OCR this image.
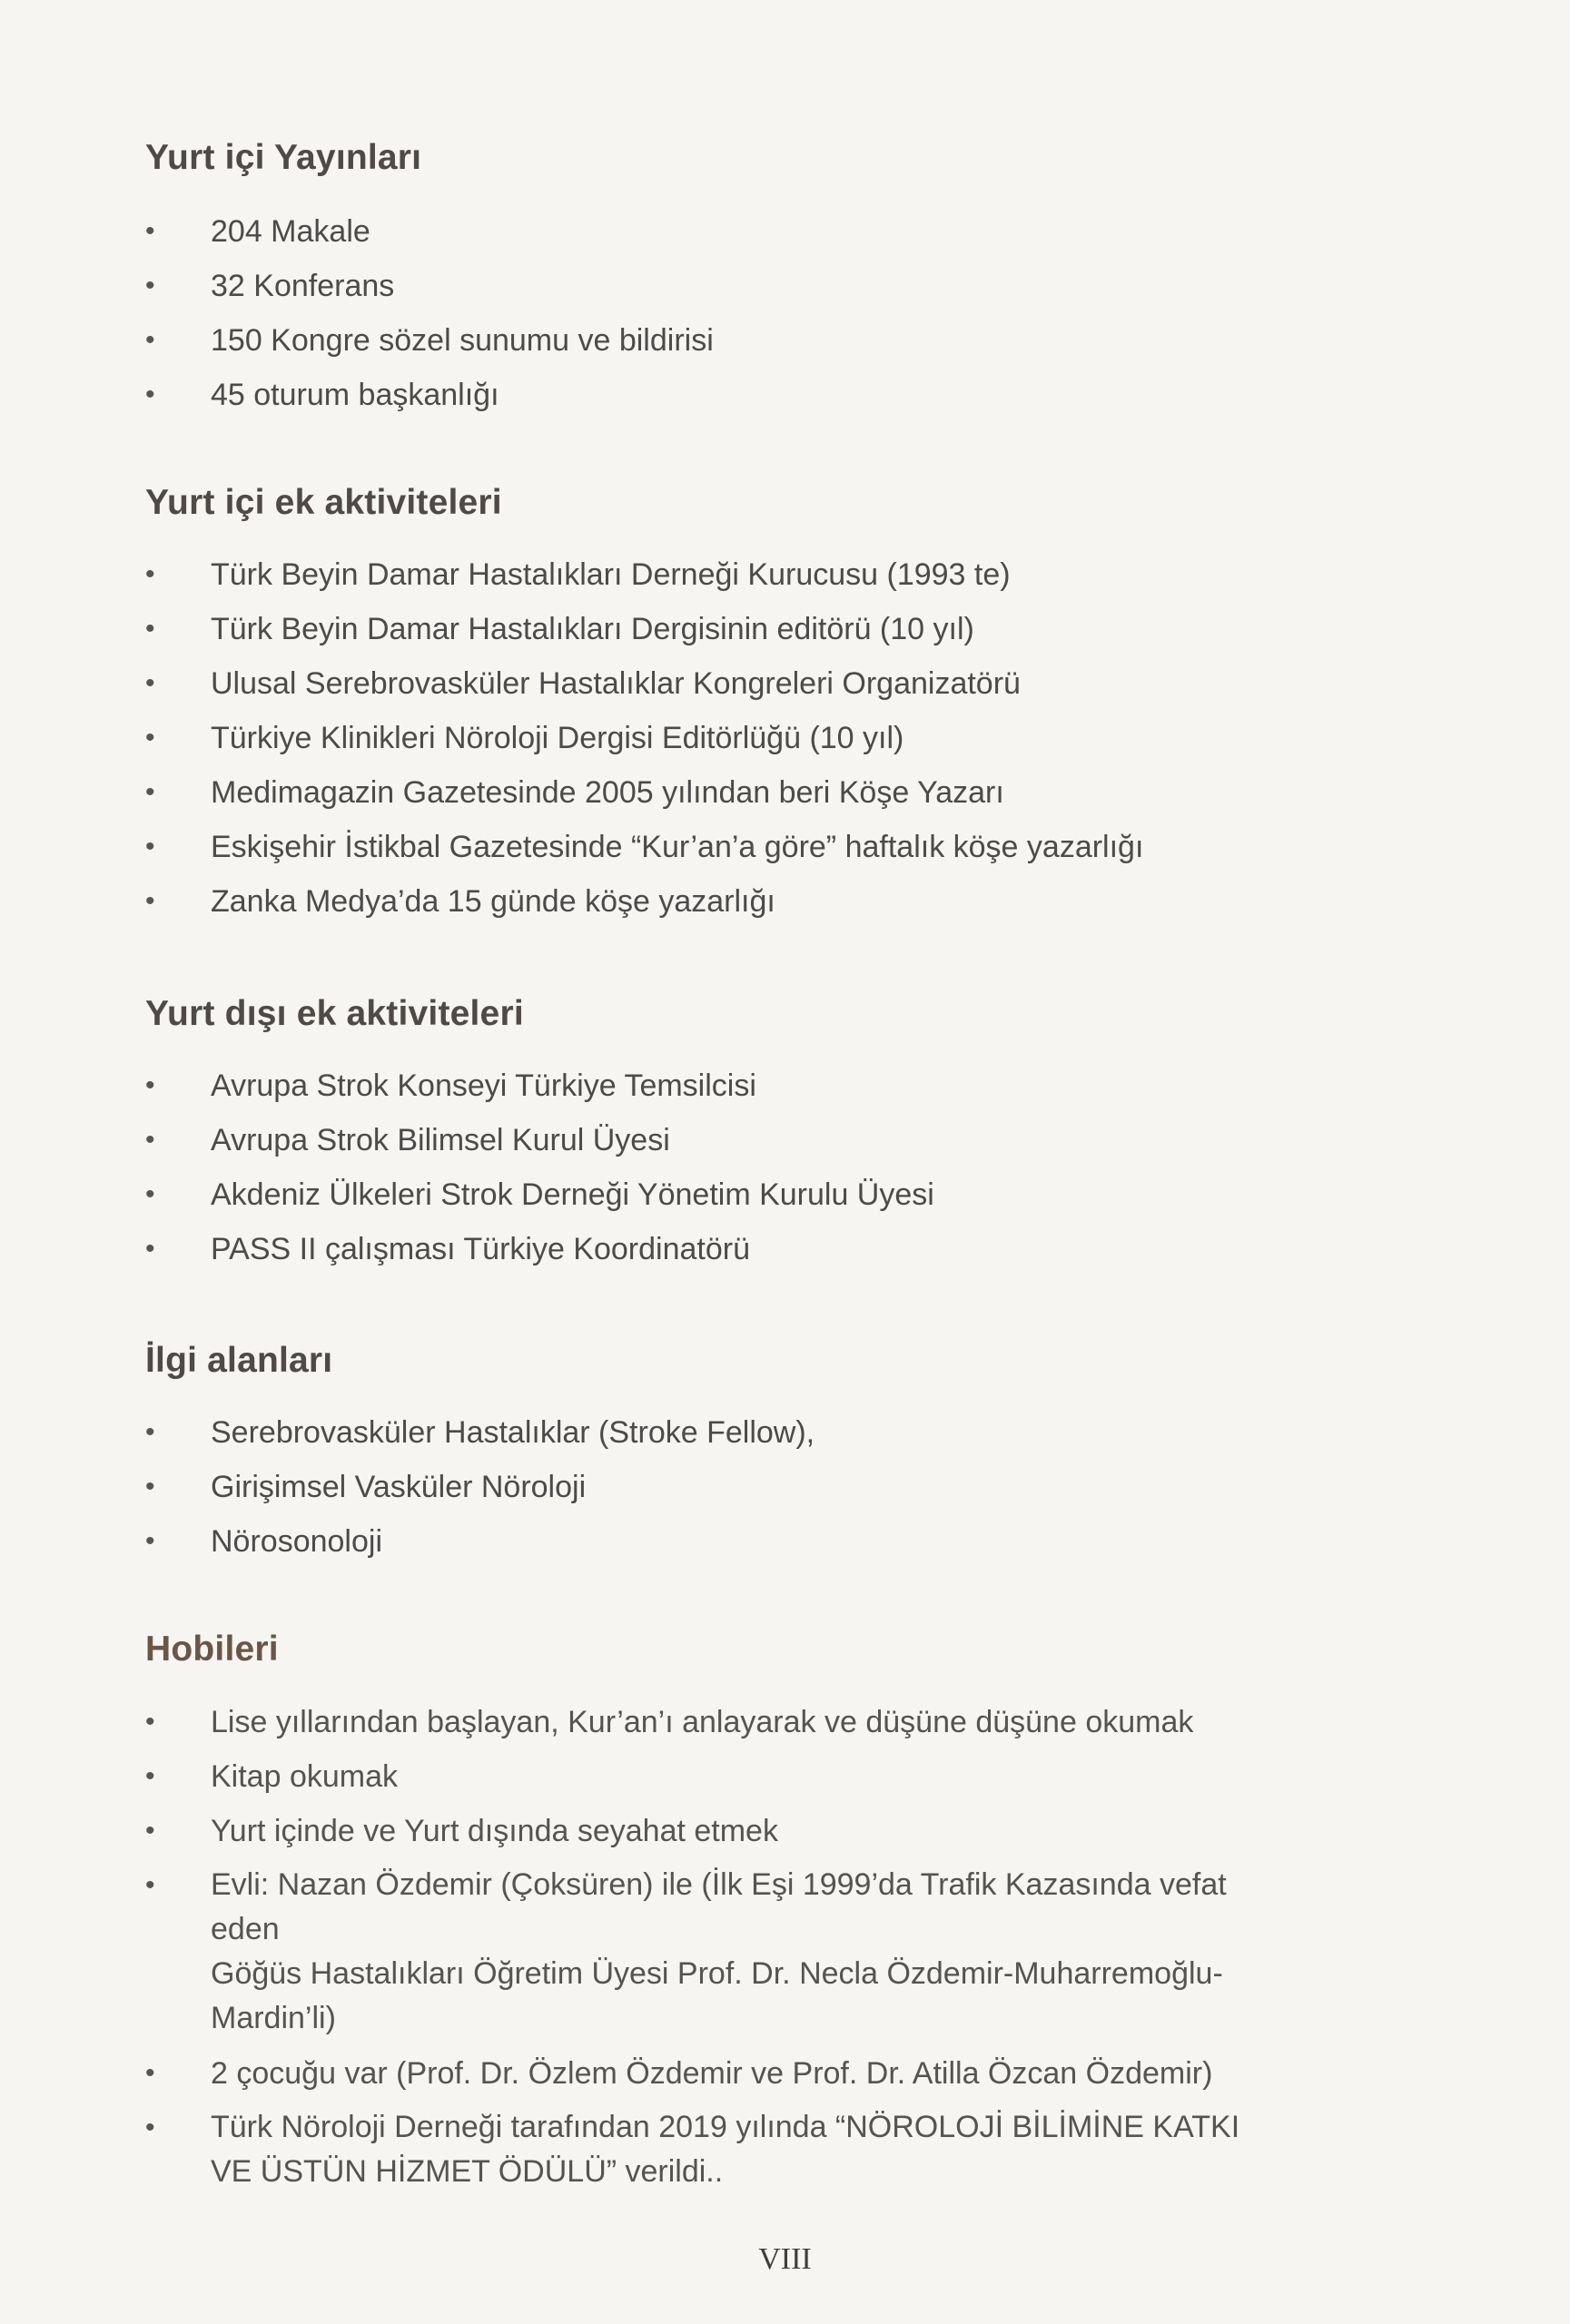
Yurt içi Yayınları
• 204 Makale
• 32 Konferans
• 150 Kongre sözel sunumu ve bildirisi
• 45 oturum başkanlığı
Yurt içi ek aktiviteleri
• Türk Beyin Damar Hastalıkları Derneği Kurucusu (1993 te)
• Türk Beyin Damar Hastalıkları Dergisinin editörü (10 yıl)
• Ulusal Serebrovasküler Hastalıklar Kongreleri Organizatörü
• Türkiye Klinikleri Nöroloji Dergisi Editörlüğü (10 yıl)
• Medimagazin Gazetesinde 2005 yılından beri Köşe Yazarı
• Eskişehir İstikbal Gazetesinde “Kur’an’a göre” haftalık köşe yazarlığı
• Zanka Medya’da 15 günde köşe yazarlığı
Yurt dışı ek aktiviteleri
• Avrupa Strok Konseyi Türkiye Temsilcisi
• Avrupa Strok Bilimsel Kurul Üyesi
• Akdeniz Ülkeleri Strok Derneği Yönetim Kurulu Üyesi
• PASS II çalışması Türkiye Koordinatörü
İlgi alanları
• Serebrovasküler Hastalıklar (Stroke Fellow),
• Girişimsel Vasküler Nöroloji
• Nörosonoloji
Hobileri
• Lise yıllarından başlayan, Kur’an’ı anlayarak ve düşüne düşüne okumak
• Kitap okumak
• Yurt içinde ve Yurt dışında seyahat etmek
• Evli: Nazan Özdemir (Çoksüren) ile (İlk Eşi 1999’da Trafik Kazasında vefat
eden
Göğüs Hastalıkları Öğretim Üyesi Prof. Dr. Necla Özdemir-Muharremoğlu-
Mardin’li)
• 2 çocuğu var (Prof. Dr. Özlem Özdemir ve Prof. Dr. Atilla Özcan Özdemir)
• Türk Nöroloji Derneği tarafından 2019 yılında “NÖROLOJİ BİLİMİNE KATKI
VE ÜSTÜN HİZMET ÖDÜLÜ” verildi..
VIII
